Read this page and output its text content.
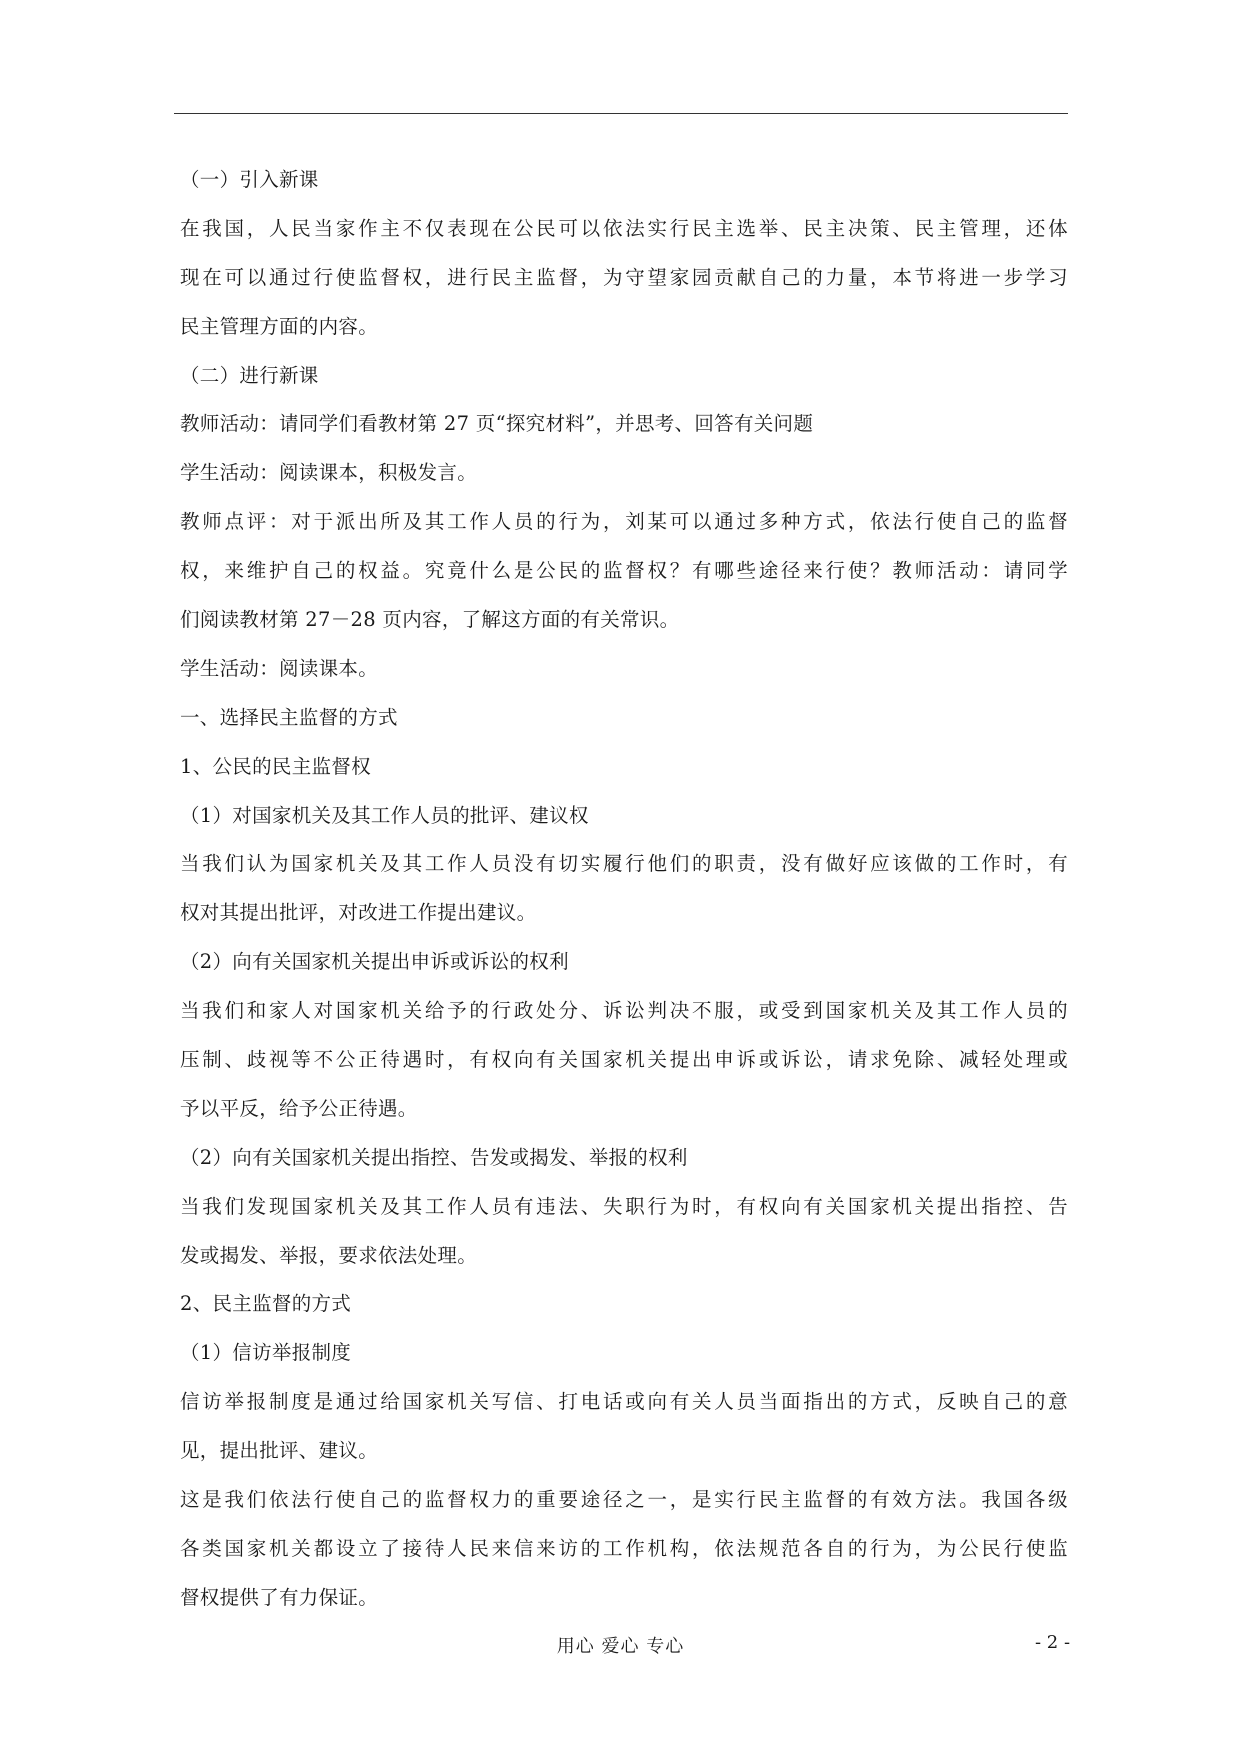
（一）引入新课
在我国，人民当家作主不仅表现在公民可以依法实行民主选举、民主决策、民主管理，还体
现在可以通过行使监督权，进行民主监督，为守望家园贡献自己的力量，本节将进一步学习
民主管理方面的内容。
（二）进行新课
教师活动：请同学们看教材第 27 页“探究材料”，并思考、回答有关问题
学生活动：阅读课本，积极发言。
教师点评：对于派出所及其工作人员的行为，刘某可以通过多种方式，依法行使自己的监督
权，来维护自己的权益。究竟什么是公民的监督权？有哪些途径来行使？教师活动：请同学
们阅读教材第 27－28 页内容，了解这方面的有关常识。
学生活动：阅读课本。
一、选择民主监督的方式
1、公民的民主监督权
（1）对国家机关及其工作人员的批评、建议权
当我们认为国家机关及其工作人员没有切实履行他们的职责，没有做好应该做的工作时，有
权对其提出批评，对改进工作提出建议。
（2）向有关国家机关提出申诉或诉讼的权利
当我们和家人对国家机关给予的行政处分、诉讼判决不服，或受到国家机关及其工作人员的
压制、歧视等不公正待遇时，有权向有关国家机关提出申诉或诉讼，请求免除、减轻处理或
予以平反，给予公正待遇。
（2）向有关国家机关提出指控、告发或揭发、举报的权利
当我们发现国家机关及其工作人员有违法、失职行为时，有权向有关国家机关提出指控、告
发或揭发、举报，要求依法处理。
2、民主监督的方式
（1）信访举报制度
信访举报制度是通过给国家机关写信、打电话或向有关人员当面指出的方式，反映自己的意
见，提出批评、建议。
这是我们依法行使自己的监督权力的重要途径之一，是实行民主监督的有效方法。我国各级
各类国家机关都设立了接待人民来信来访的工作机构，依法规范各自的行为，为公民行使监
督权提供了有力保证。
用心 爱心 专心	- 2 -
